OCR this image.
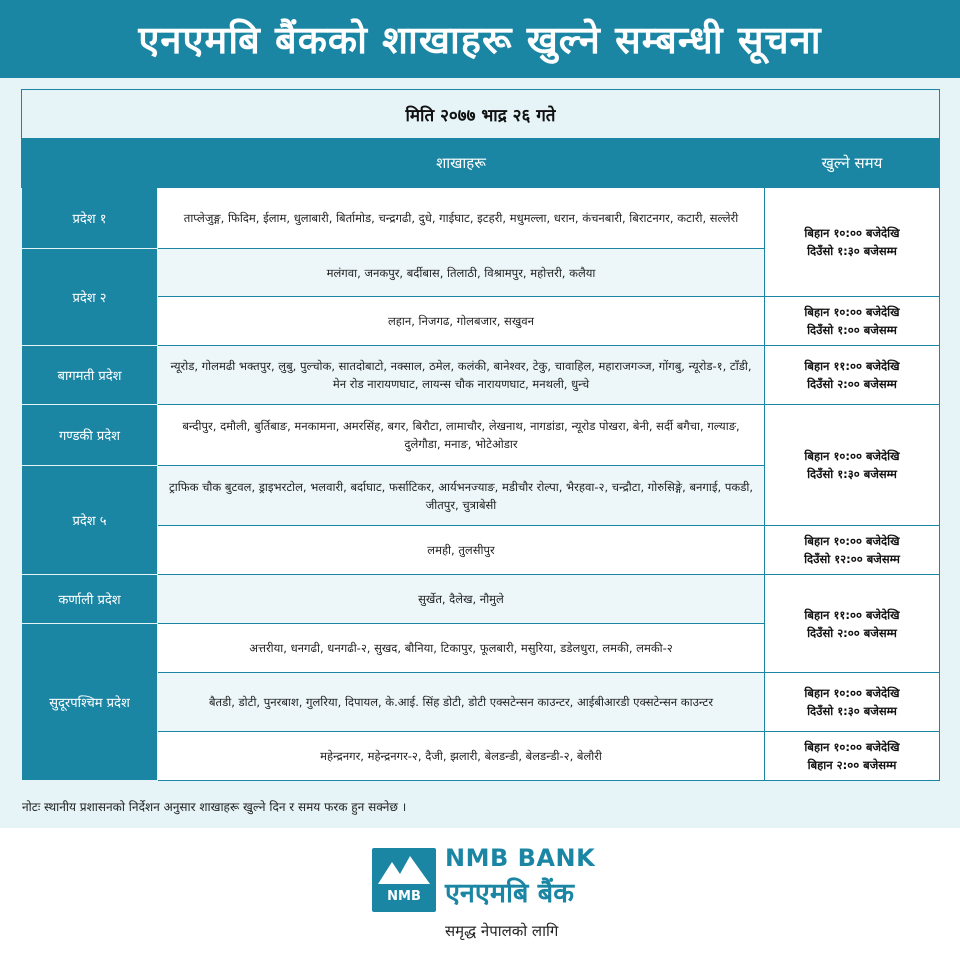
एनएमबि बैंकको शाखाहरू खुल्ने सम्बन्धी सूचना
मिति २०७७ भाद्र २६ गते		
	शाखाहरू	खुल्ने समय
प्रदेश १	ताप्लेजुङ्ग, फिदिम, ईलाम, धुलाबारी, बिर्तामोड, चन्द्रगढी, दुधे, गाईघाट, इटहरी, मधुमल्ला, धरान, कंचनबारी, बिराटनगर, कटारी, सल्लेरी	बिहान १०:०० बजेदेखि
दिउँसो १:३० बजेसम्म

प्रदेश २	मलंगवा, जनकपुर, बर्दीबास, तिलाठी, विश्रामपुर, महोत्तरी, कलैया	
	लहान, निजगढ, गोलबजार, सखुवन	बिहान १०:०० बजेदेखि
दिउँसो १:०० बजेसम्म

बागमती प्रदेश	न्यूरोड, गोलमढी भक्तपुर, लुबु, पुल्चोक, सातदोबाटो, नक्साल, ठमेल, कलंकी, बानेश्वर, टेकु, चावाहिल, महाराजगञ्ज, गोंगबु, न्यूरोड-१, टाँडी, मेन रोड नारायणघाट, लायन्स चौक नारायणघाट, मनथली, धुन्चे	बिहान ११:०० बजेदेखि
दिउँसो २:०० बजेसम्म

गण्डकी प्रदेश	बन्दीपुर, दमौली, बुर्तिबाङ, मनकामना, अमरसिंह, बगर, बिरौटा, लामाचौर, लेखनाथ, नागडांडा, न्यूरोड पोखरा, बेनी, सर्दी बगैचा, गल्याङ, दुलेगौडा, मनाङ, भोटेओडार	बिहान १०:०० बजेदेखि
दिउँसो १:३० बजेसम्म

प्रदेश ५	ट्राफिक चौक बुटवल, ड्राइभरटोल, भलवारी, बर्दाघाट, फर्साटिकर, आर्यभनज्याङ, मडीचौर रोल्पा, भैरहवा-२, चन्द्रौटा, गोरुसिङ्गे, बनगाई, पकडी, जीतपुर, चुत्राबेसी	
	लमही, तुलसीपुर	बिहान १०:०० बजेदेखि
दिउँसो १२:०० बजेसम्म

कर्णाली प्रदेश	सुर्खेत, दैलेख, नौमुले	बिहान ११:०० बजेदेखि
दिउँसो २:०० बजेसम्म

सुदूरपश्चिम प्रदेश	अत्तरीया, धनगढी, धनगढी-२, सुखद, बौनिया, टिकापुर, फूलबारी, मसुरिया, डडेलधुरा, लमकी, लमकी-२	
	बैतडी, डोटी, पुनरबाश, गुलरिया, दिपायल, के.आई. सिंह डोटी, डोटी एक्सटेन्सन काउन्टर, आईबीआरडी एक्सटेन्सन काउन्टर	बिहान १०:०० बजेदेखि
दिउँसो १:३० बजेसम्म

	महेन्द्रनगर, महेन्द्रनगर-२, दैजी, झलारी, बेलडन्डी, बेलडन्डी-२, बेलौरी	बिहान १०:०० बजेदेखि
बिहान २:०० बजेसम्म
नोटः स्थानीय प्रशासनको निर्देशन अनुसार शाखाहरू खुल्ने दिन र समय फरक हुन सक्नेछ ।
NMB
NMB BANK
एनएमबि बैंक
समृद्ध नेपालको लागि
